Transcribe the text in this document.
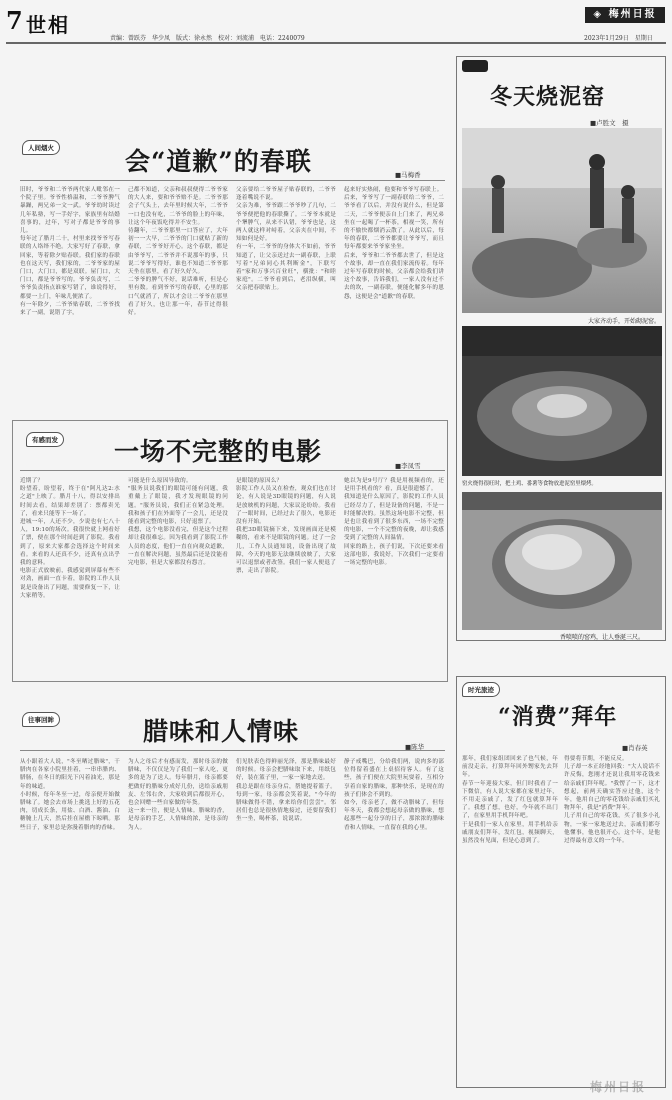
7 世相
责编：曾跃芬　华少凤　版式：徐永然　校对：刘流浦　电话：2240079
◈ 梅州日报
2023年1月29日　星期日
人间烟火	会“道歉”的春联	■马梅香
旧时，爷爷和二爷爷两代家人毗邻在一个院子里。爷爷性格温和，二爷爷脾气暴躁，两兄弟一文一武。爷爷幼时读过几年私塾，写一手好字，家族里有结婚喜事的，过年，写对子都是爷爷的事儿。
每年过了腊月二十，村里来找爷爷写春联的人络绎不绝。大家写好了春联，拿回家，等着除夕贴春联。我们家的春联也在这天写，我们家的，二爷爷家的屋门口，大门口，都是双联。屋门口，大门口，都是爷爷写的。爷爷负责写，二爷爷负责指点谁家写错了，谁说得好，都要一上门，年味儿便浓了。
有一年除夕，二爷爷贴春联，二爷爷找来了一副，说错了字，
己都不知道，父亲和叔叔便得二爷爷家的大人来，要和爷爷赔不是。二爷爷那会子气头上，去年里时候大年，二爷爷一口也没有吃，二爷爷的脸上的年味，让这个年夜饭吃得并不安生。
待翻年，二爷爷那里一口答应了，大年初一一大早，二爷爷的门口就贴了新的春联，二爷爷好开心。这个春联，都是由爷爷写，二爷爷并不说那年的事，只说二爷爷写得好，谁也不知道二爷爷那天坐在那里，看了好久好久。
二爷爷的脾气不好，说话难听，但是心里有数。看到爷爷写的春联，心里的那口气就消了，所以才会让二爷爷在那里看了好久，也让那一年，春节过得很好。
父亲要给二爷爷屋子贴春联的，二爷爷逢着嘴说不说。
父亲为难，爷爷跟二爷爷吵了几句，二爷爷便把他的春联撕了。二爷爷本就是个犟脾气，从来不认错，爷爷也是，这两人就这样对峙着，父亲夹在中间，不知如何是好。
有一年，二爷爷的身体大不如前，爷爷知道了，让父亲送过去一副春联，上联写着"兄弟同心其利断金"，下联写着"家和万事兴百业旺"，横批："和睦家庭"。二爷爷看到后，老泪纵横，叫父亲把春联贴上。
起来好实热闹，他要和爷爷写春联上。
后来，爷爷写了一副春联给二爷爷，二爷爷看了以后，并没有说什么，但是第二天，二爷爷便亲自上门来了，两兄弟坐在一起喝了一杯茶，相视一笑，所有的不愉快都烟消云散了。从此以后，每年的春联，二爷爷都要让爷爷写，而且每年都要来爷爷家坐坐。
后来，爷爷和二爷爷都去世了，但是这个故事，却一直在我们家流传着。每年过年写春联的时候，父亲都会给我们讲这个故事，告诉我们，一家人没有过不去的坎，一副春联，便能化解多年的恩怨，这便是会"道歉"的春联。
有感而发 一场不完整的电影	■李凤雪
近期了？
盼望着，盼望着，终于在"阿凡达2:水之道"上映了。腊月十八，得以安排出时间去看，结果却差别了：票都卖光了，看来只能等下一场了。
进城一年，人还不少，少说也有七八十人，19:10的场次。我很快就上网看好了票，便在那个时间赶到了影院。我看到了，原来大家都会选择这个时间来看。来看的人还真不少，还真有点出乎我的意料。
电影正式放映前，我感觉到屏幕有些不对劲，画面一直卡着，影院的工作人员说是设备出了问题，需要修复一下，让大家稍等。
可能是什么原因导致的。
"服务员说我们的眼镜可能有问题，我重戴上了眼镜，我才发现眼镜的问题。"服务员说，我们正在紧急处理。我和孩子们在外面等了一会儿，还是没能看到完整的电影，只好退票了。
我想，这个电影没看完，但是这个过程却让我很难忘。因为我看到了影院工作人员的态度，他们一直在向观众道歉，一直在解决问题，虽然最后还是没能看完电影，但是大家都没有怨言。
是眼镜的原因么？
影院工作人员又在检查，观众们也在讨论，有人说是3D眼镜的问题，有人说是放映机的问题，大家议论纷纷。我看了一眼时间，已经过去了很久，电影还没有开始。
我把3D眼镜摘下来，发现画面还是模糊的，看来不是眼镜的问题。过了一会儿，工作人员通知说，设备出现了故障，今天的电影无法继续放映了，大家可以退票或者改签。我们一家人便退了票，走出了影院。
她以为是9号厅？我是用视频看的，还是用手机看的？看，真是很遗憾了。
我知道是什么原因了，影院的工作人员已经尽力了，但是设备的问题，不是一时能解决的。虽然这场电影不完整，但是也让我看到了很多东西，一场不完整的电影，一个不完整的夜晚，却让我感受到了完整的人间温情。
回家的路上，孩子们说，下次还要来看这部电影，我说好，下次我们一定要看一场完整的电影。
往事回眸	腊味和人情味
■陈华
从小跟着大人说，"冬至晒过腊味"，干腊肉在各家小院里挂着，一串串腊肉、腊肠，在冬日的阳光下闪着油光，那是年的味道。
小时候，每年冬至一过，母亲便开始做腊味了。她会去市场上挑选上好的五花肉，切成长条，用盐、白酒、酱油、白糖腌上几天，然后挂在屋檐下晾晒。那些日子，家里总是弥漫着腊肉的香味。
为人之母后才有感而发，那时母亲的做腊味，不仅仅是为了我们一家人吃，更多的是为了送人。每年腊月，母亲都要把做好的腊味分成好几份，送给亲戚朋友、左邻右舍，大家收到后都很开心，也会回赠一些自家做的年货。
这一来一往，便是人情味。腊味的香，是母亲的手艺，人情味的浓，是母亲的为人。
们见肤表色得鲜丽光泽，那是腊味最好的时候。母亲会把腊味取下来，用纸包好，装在篮子里，一家一家地去送。
我总是跟在母亲身后，帮她提着篮子。每到一家，母亲都会笑着说，"今年的腊味做得不错，拿来给你们尝尝"。邻居们也总是很热情地接过，还要留我们坐一坐，喝杯茶，说说话。
静子戒嘴巴，分给我们两，说肉多的部位得留着盛在上桌招待客人。有了这些，孩子们便在大院里玩耍着，互相分享着自家的腊味，那种快乐，是现在的孩子们体会不到的。
如今，母亲老了，做不动腊味了，但每年冬天，我都会想起母亲做的腊味，想起那些一起分享的日子，那浓浓的腊味香和人情味，一直留在我的心里。
冬天烧泥窑
■卢胜文　摄
大家齐动手，开始砌泥窑。
窑火烧得很旺时，把土鸡、番薯等食物放进泥窑里煨烤。
香喷喷的窑鸡，让人垂涎三尺。
时光旅迹
“消费”拜年
■肖春英
那年，我们家组团回来了也气候，年前没走亲，打算拜年回外甥家先去拜年。
春节一年迎接大家，但门时我看了一下微信，有人说大家都在家里过年，不用走亲戚了，发了红包就算拜年了。我想了想，也好，今年就不出门了，在家里用手机拜年吧。
于是我们一家人在家里，用手机给亲戚朋友们拜年，发红包，视频聊天，虽然没有见面，但是心意到了。
得要将节期，不能反反。
儿子却一本正经地回我："大人说话不许反悔，您刚才还说让我用零花钱来给亲戚们拜年呢。"我愣了一下，这才想起，前两天确实答应过他，这个年，他用自己的零花钱给亲戚们买礼物拜年，我是"消费"拜年。
儿子用自己的零花钱，买了很多小礼物，一家一家地送过去，亲戚们都夸他懂事，他也很开心。这个年，是他过得最有意义的一个年。
梅州日报
